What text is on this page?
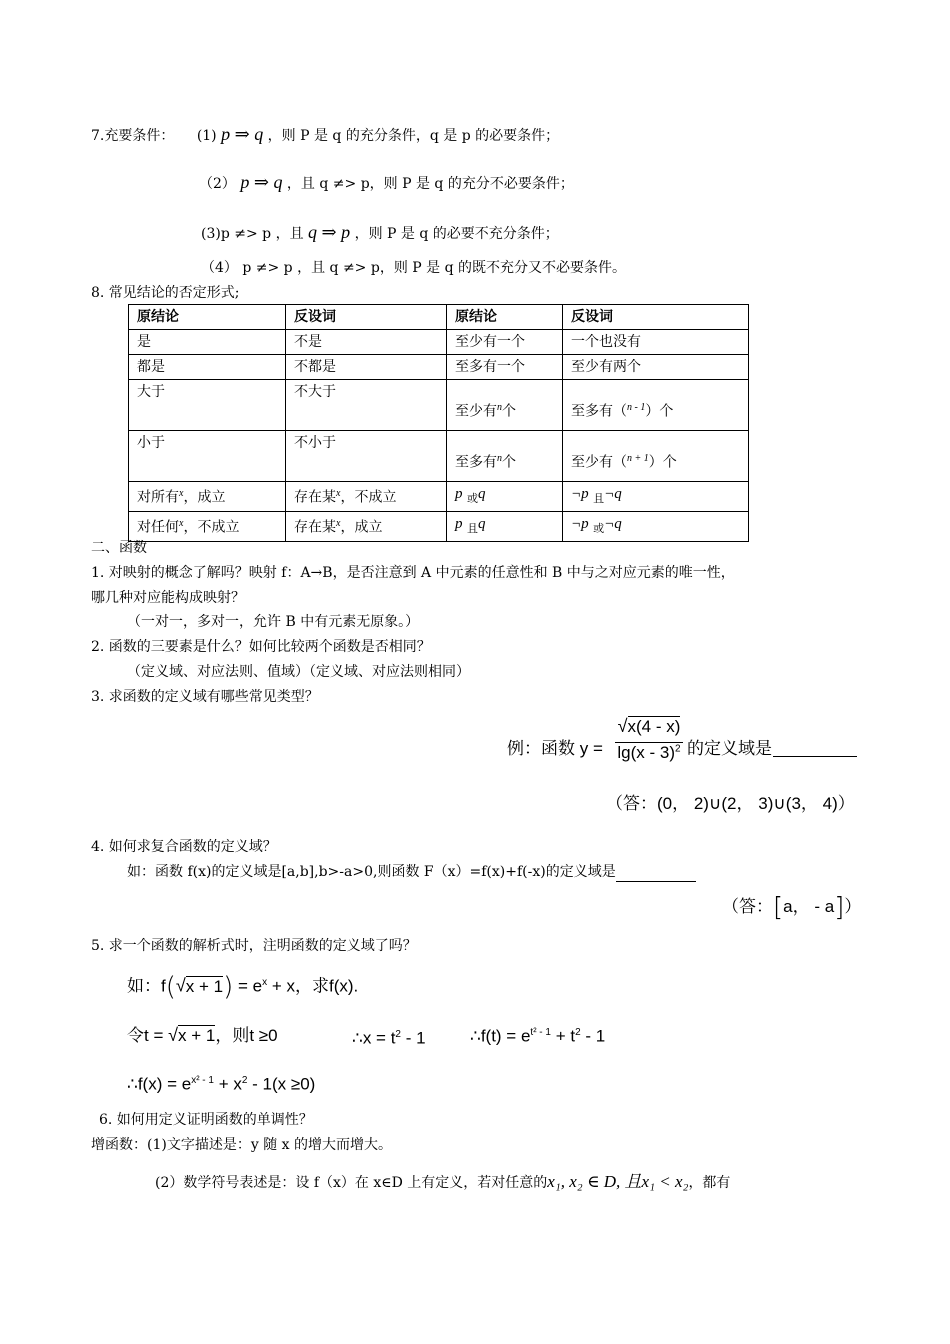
7.充要条件： (1) p ⇒ q ，则 P 是 q 的充分条件，q 是 p 的必要条件；
（2） p ⇒ q ，且 q ≠> p，则 P 是 q 的充分不必要条件；
(3)p ≠> p ，且 q ⇒ p ，则 P 是 q 的必要不充分条件；
（4） p ≠> p ，且 q ≠> p，则 P 是 q 的既不充分又不必要条件。
8. 常见结论的否定形式;
原结论	反设词	原结论	反设词
是	不是	至少有一个	一个也没有
都是	不都是	至多有一个	至少有两个
大于	不大于	至少有$^n$个	至多有（$^{n - 1}$）个
小于	不小于	至多有$^n$个	至少有（$^{n + 1}$）个
对所有$^x$，成立	存在某$^x$，不成立	p $_或$q	¬p $_且$¬q
对任何$^x$，不成立	存在某$^x$，成立	p $_且$q	¬p $_或$¬q
二、函数
1. 对映射的概念了解吗？映射 f：A→B，是否注意到 A 中元素的任意性和 B 中与之对应元素的唯一性，
哪几种对应能构成映射？
（一对一，多对一，允许 B 中有元素无原象。）
2. 函数的三要素是什么？如何比较两个函数是否相同？
（定义域、对应法则、值域）（定义域、对应法则相同）
3. 求函数的定义域有哪些常见类型？
例：函数 y =
√x(4 - x)
lg(x - 3)$^2$ 的定义域是
（答：(0， 2)∪(2， 3)∪(3， 4)）
4. 如何求复合函数的定义域？
如：函数 f(x)的定义域是[a,b],b>-a>0,则函数 F（x）=f(x)+f(-x)的定义域是
（答：[a， - a]）
5. 求一个函数的解析式时，注明函数的定义域了吗？
如：$f(√x + 1) = e^x + x$，求f(x).
令t = √x + 1，则t ≥0	∴x = $t^2 - 1$	∴f(t) = $e^{t^2 - 1} + t^2 - 1$
∴f(x) = $e^{x^2 - 1} + x^2 - 1(x \ge 0)$
6. 如何用定义证明函数的单调性？
增函数：(1)文字描述是：y 随 x 的增大而增大。
(2）数学符号表述是：设 f（x）在 x∈D 上有定义，若对任意的x₁, x₂ ∈ D, 且x₁ < x₂，都有
